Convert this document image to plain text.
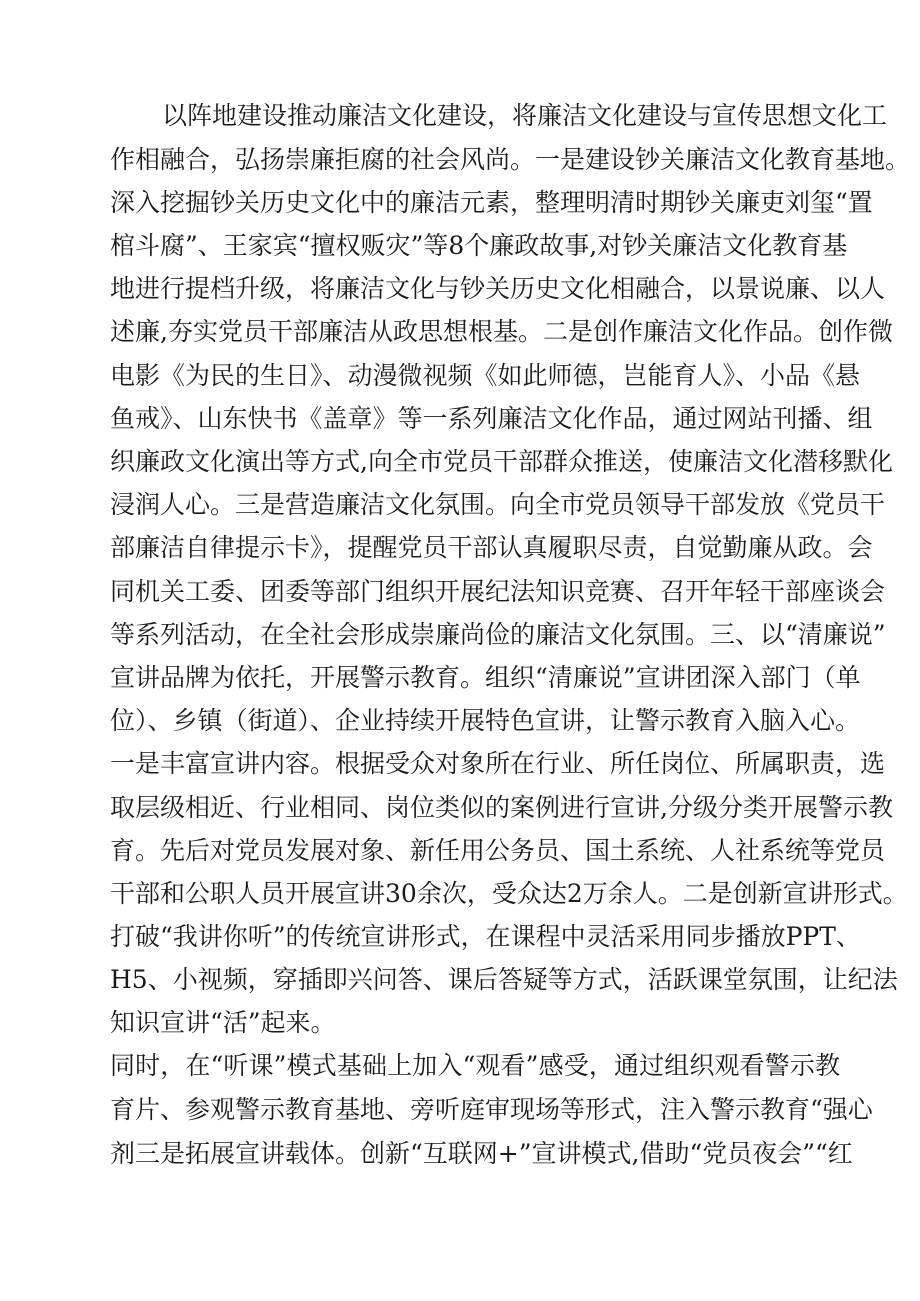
以阵地建设推动廉洁文化建设，将廉洁文化建设与宣传思想文化工
作相融合，弘扬崇廉拒腐的社会风尚。一是建设钞关廉洁文化教育基地。
深入挖掘钞关历史文化中的廉洁元素，整理明清时期钞关廉吏刘玺“置
棺斗腐”、王家宾“擅权贩灾”等8个廉政故事,对钞关廉洁文化教育基
地进行提档升级，将廉洁文化与钞关历史文化相融合，以景说廉、以人
述廉,夯实党员干部廉洁从政思想根基。二是创作廉洁文化作品。创作微
电影《为民的生日》、动漫微视频《如此师德，岂能育人》、小品《悬
鱼戒》、山东快书《盖章》等一系列廉洁文化作品，通过网站刊播、组
织廉政文化演出等方式,向全市党员干部群众推送，使廉洁文化潜移默化
浸润人心。三是营造廉洁文化氛围。向全市党员领导干部发放《党员干
部廉洁自律提示卡》，提醒党员干部认真履职尽责，自觉勤廉从政。会
同机关工委、团委等部门组织开展纪法知识竞赛、召开年轻干部座谈会
等系列活动，在全社会形成崇廉尚俭的廉洁文化氛围。三、以“清廉说”
宣讲品牌为依托，开展警示教育。组织“清廉说”宣讲团深入部门（单
位）、乡镇（街道）、企业持续开展特色宣讲，让警示教育入脑入心。
一是丰富宣讲内容。根据受众对象所在行业、所任岗位、所属职责，选
取层级相近、行业相同、岗位类似的案例进行宣讲,分级分类开展警示教
育。先后对党员发展对象、新任用公务员、国土系统、人社系统等党员
干部和公职人员开展宣讲30余次，受众达2万余人。二是创新宣讲形式。
打破“我讲你听”的传统宣讲形式，在课程中灵活采用同步播放PPT、
H5、小视频，穿插即兴问答、课后答疑等方式，活跃课堂氛围，让纪法
知识宣讲“活”起来。
同时，在“听课”模式基础上加入“观看”感受，通过组织观看警示教
育片、参观警示教育基地、旁听庭审现场等形式，注入警示教育“强心
剂三是拓展宣讲载体。创新“互联网+”宣讲模式,借助“党员夜会”“红
